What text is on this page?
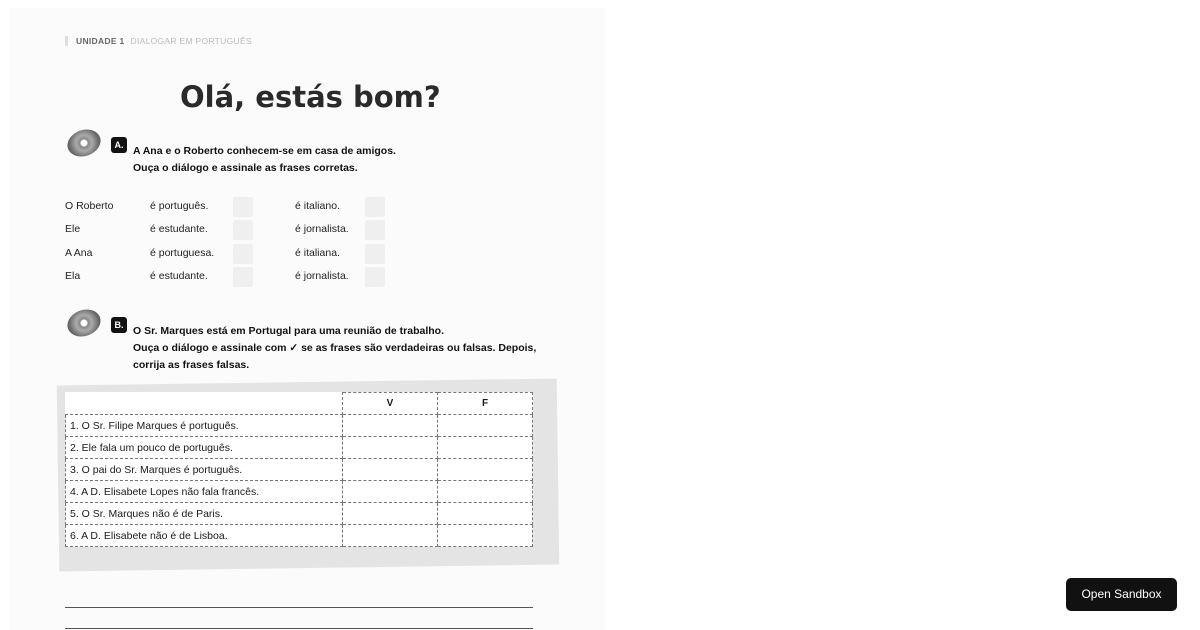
UNIDADE 1 DIALOGAR EM PORTUGUÊS
Olá, estás bom?
A. A Ana e o Roberto conhecem-se em casa de amigos.
Ouça o diálogo e assinale as frases corretas.
O Roberto	é português.	é italiano.
Ele	é estudante.	é jornalista.
A Ana	é portuguesa.	é italiana.
Ela	é estudante.	é jornalista.
B. O Sr. Marques está em Portugal para uma reunião de trabalho.
Ouça o diálogo e assinale com ✓ se as frases são verdadeiras ou falsas. Depois,
corrija as frases falsas.
	V	F
1. O Sr. Filipe Marques é português.		
2. Ele fala um pouco de português.		
3. O pai do Sr. Marques é português.		
4. A D. Elisabete Lopes não fala francês.		
5. O Sr. Marques não é de Paris.		
6. A D. Elisabete não é de Lisboa.		
Open Sandbox
